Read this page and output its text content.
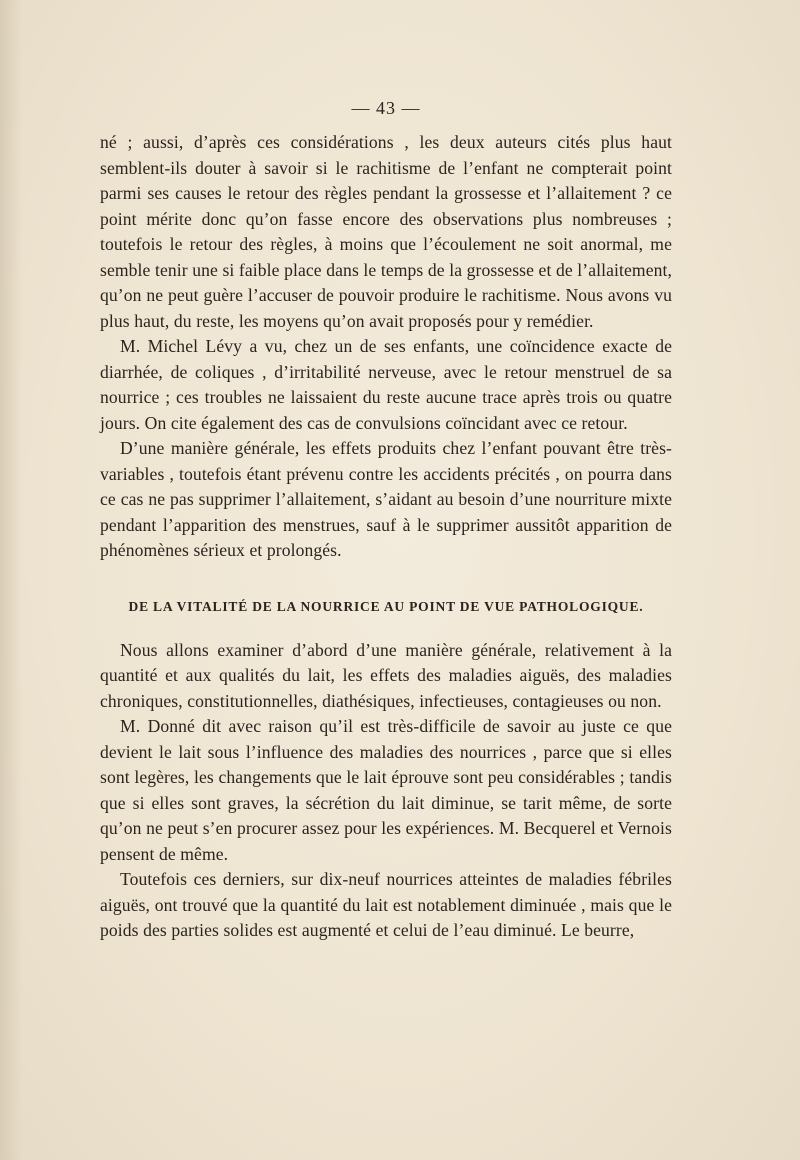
— 43 —

né ; aussi, d’après ces considérations , les deux auteurs cités plus haut semblent-ils douter à savoir si le rachitisme de l’enfant ne compterait point parmi ses causes le retour des règles pendant la grossesse et l’allaitement ? ce point mérite donc qu’on fasse encore des observations plus nombreuses ; toutefois le retour des règles, à moins que l’écoulement ne soit anormal, me semble tenir une si faible place dans le temps de la grossesse et de l’allaitement, qu’on ne peut guère l’accuser de pouvoir produire le rachitisme. Nous avons vu plus haut, du reste, les moyens qu’on avait proposés pour y remédier.

M. Michel Lévy a vu, chez un de ses enfants, une coïncidence exacte de diarrhée, de coliques , d’irritabilité nerveuse, avec le retour menstruel de sa nourrice ; ces troubles ne laissaient du reste aucune trace après trois ou quatre jours. On cite également des cas de convulsions coïncidant avec ce retour.

D’une manière générale, les effets produits chez l’enfant pouvant être très-variables , toutefois étant prévenu contre les accidents précités , on pourra dans ce cas ne pas supprimer l’allaitement, s’aidant au besoin d’une nourriture mixte pendant l’apparition des menstrues, sauf à le supprimer aussitôt apparition de phénomènes sérieux et prolongés.

DE LA VITALITÉ DE LA NOURRICE AU POINT DE VUE PATHOLOGIQUE.

Nous allons examiner d’abord d’une manière générale, relativement à la quantité et aux qualités du lait, les effets des maladies aiguës, des maladies chroniques, constitutionnelles, diathésiques, infectieuses, contagieuses ou non.

M. Donné dit avec raison qu’il est très-difficile de savoir au juste ce que devient le lait sous l’influence des maladies des nourrices , parce que si elles sont legères, les changements que le lait éprouve sont peu considérables ; tandis que si elles sont graves, la sécrétion du lait diminue, se tarit même, de sorte qu’on ne peut s’en procurer assez pour les expériences. M. Becquerel et Vernois pensent de même.

Toutefois ces derniers, sur dix-neuf nourrices atteintes de maladies fébriles aiguës, ont trouvé que la quantité du lait est notablement diminuée , mais que le poids des parties solides est augmenté et celui de l’eau diminué. Le beurre,
